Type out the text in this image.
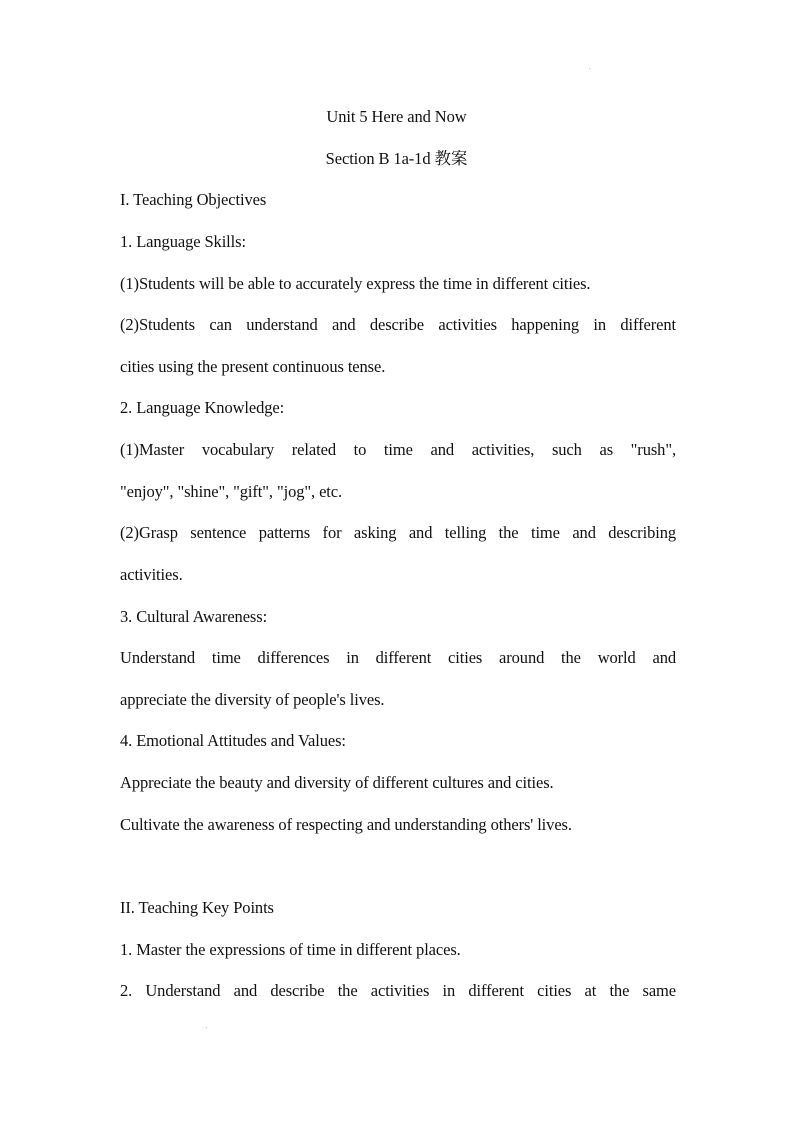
Unit 5 Here and Now
Section B 1a-1d 教案
I. Teaching Objectives
1. Language Skills:
(1)Students will be able to accurately express the time in different cities.
(2)Students can understand and describe activities happening in different
cities using the present continuous tense.
2. Language Knowledge:
(1)Master vocabulary related to time and activities, such as "rush",
"enjoy", "shine", "gift", "jog", etc.
(2)Grasp sentence patterns for asking and telling the time and describing
activities.
3. Cultural Awareness:
Understand time differences in different cities around the world and
appreciate the diversity of people's lives.
4. Emotional Attitudes and Values:
Appreciate the beauty and diversity of different cultures and cities.
Cultivate the awareness of respecting and understanding others' lives.
II. Teaching Key Points
1. Master the expressions of time in different places.
2. Understand and describe the activities in different cities at the same
